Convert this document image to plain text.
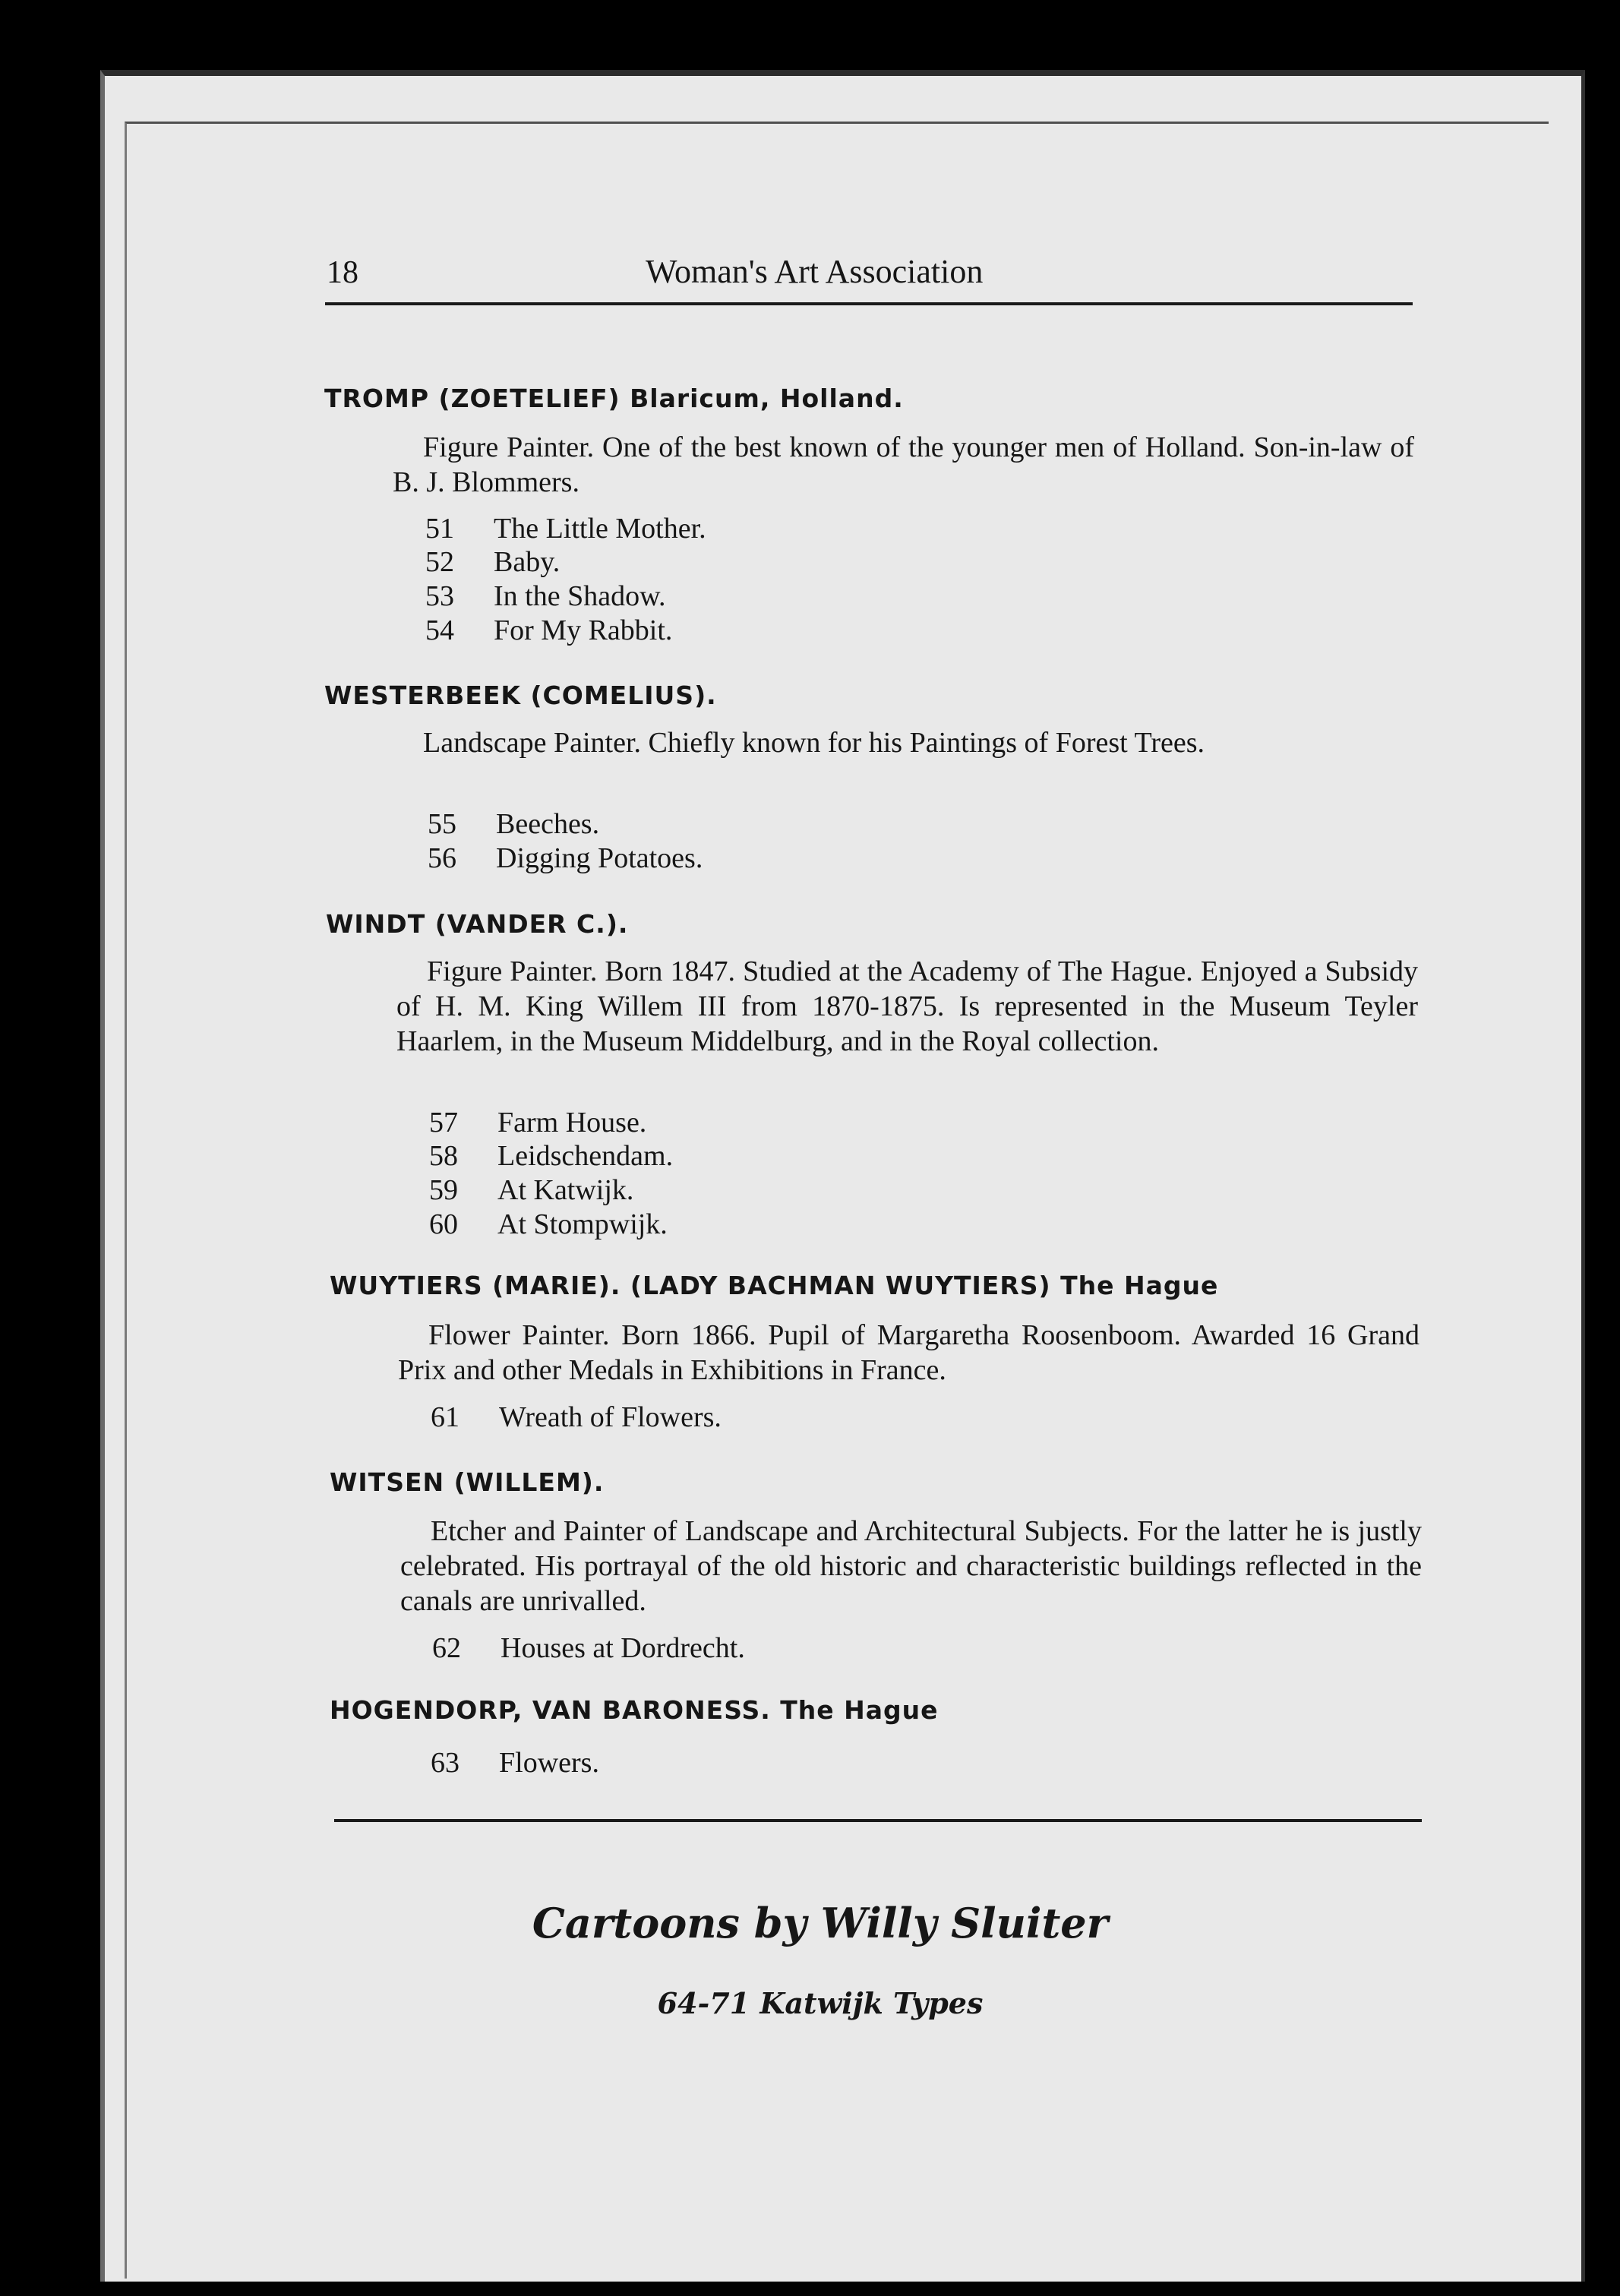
18	Woman's Art Association
TROMP (ZOETELIEF) Blaricum, Holland.
Figure Painter. One of the best known of the younger men of Holland. Son-in-law of B. J. Blommers.
51 The Little Mother.
52 Baby.
53 In the Shadow.
54 For My Rabbit.
WESTERBEEK (COMELIUS).
Landscape Painter. Chiefly known for his Paintings of Forest Trees.
55 Beeches.
56 Digging Potatoes.
WINDT (VANDER C.).
Figure Painter. Born 1847. Studied at the Academy of The Hague. Enjoyed a Subsidy of H. M. King Willem III from 1870-1875. Is represented in the Museum Teyler Haarlem, in the Museum Middelburg, and in the Royal collection.
57 Farm House.
58 Leidschendam.
59 At Katwijk.
60 At Stompwijk.
WUYTIERS (MARIE). (LADY BACHMAN WUYTIERS) The Hague
Flower Painter. Born 1866. Pupil of Margaretha Roosenboom. Awarded 16 Grand Prix and other Medals in Exhibitions in France.
61 Wreath of Flowers.
WITSEN (WILLEM).
Etcher and Painter of Landscape and Architectural Subjects. For the latter he is justly celebrated. His portrayal of the old historic and characteristic buildings reflected in the canals are unrivalled.
62 Houses at Dordrecht.
HOGENDORP, VAN BARONESS. The Hague
63 Flowers.
Cartoons by Willy Sluiter
64-71 Katwijk Types
